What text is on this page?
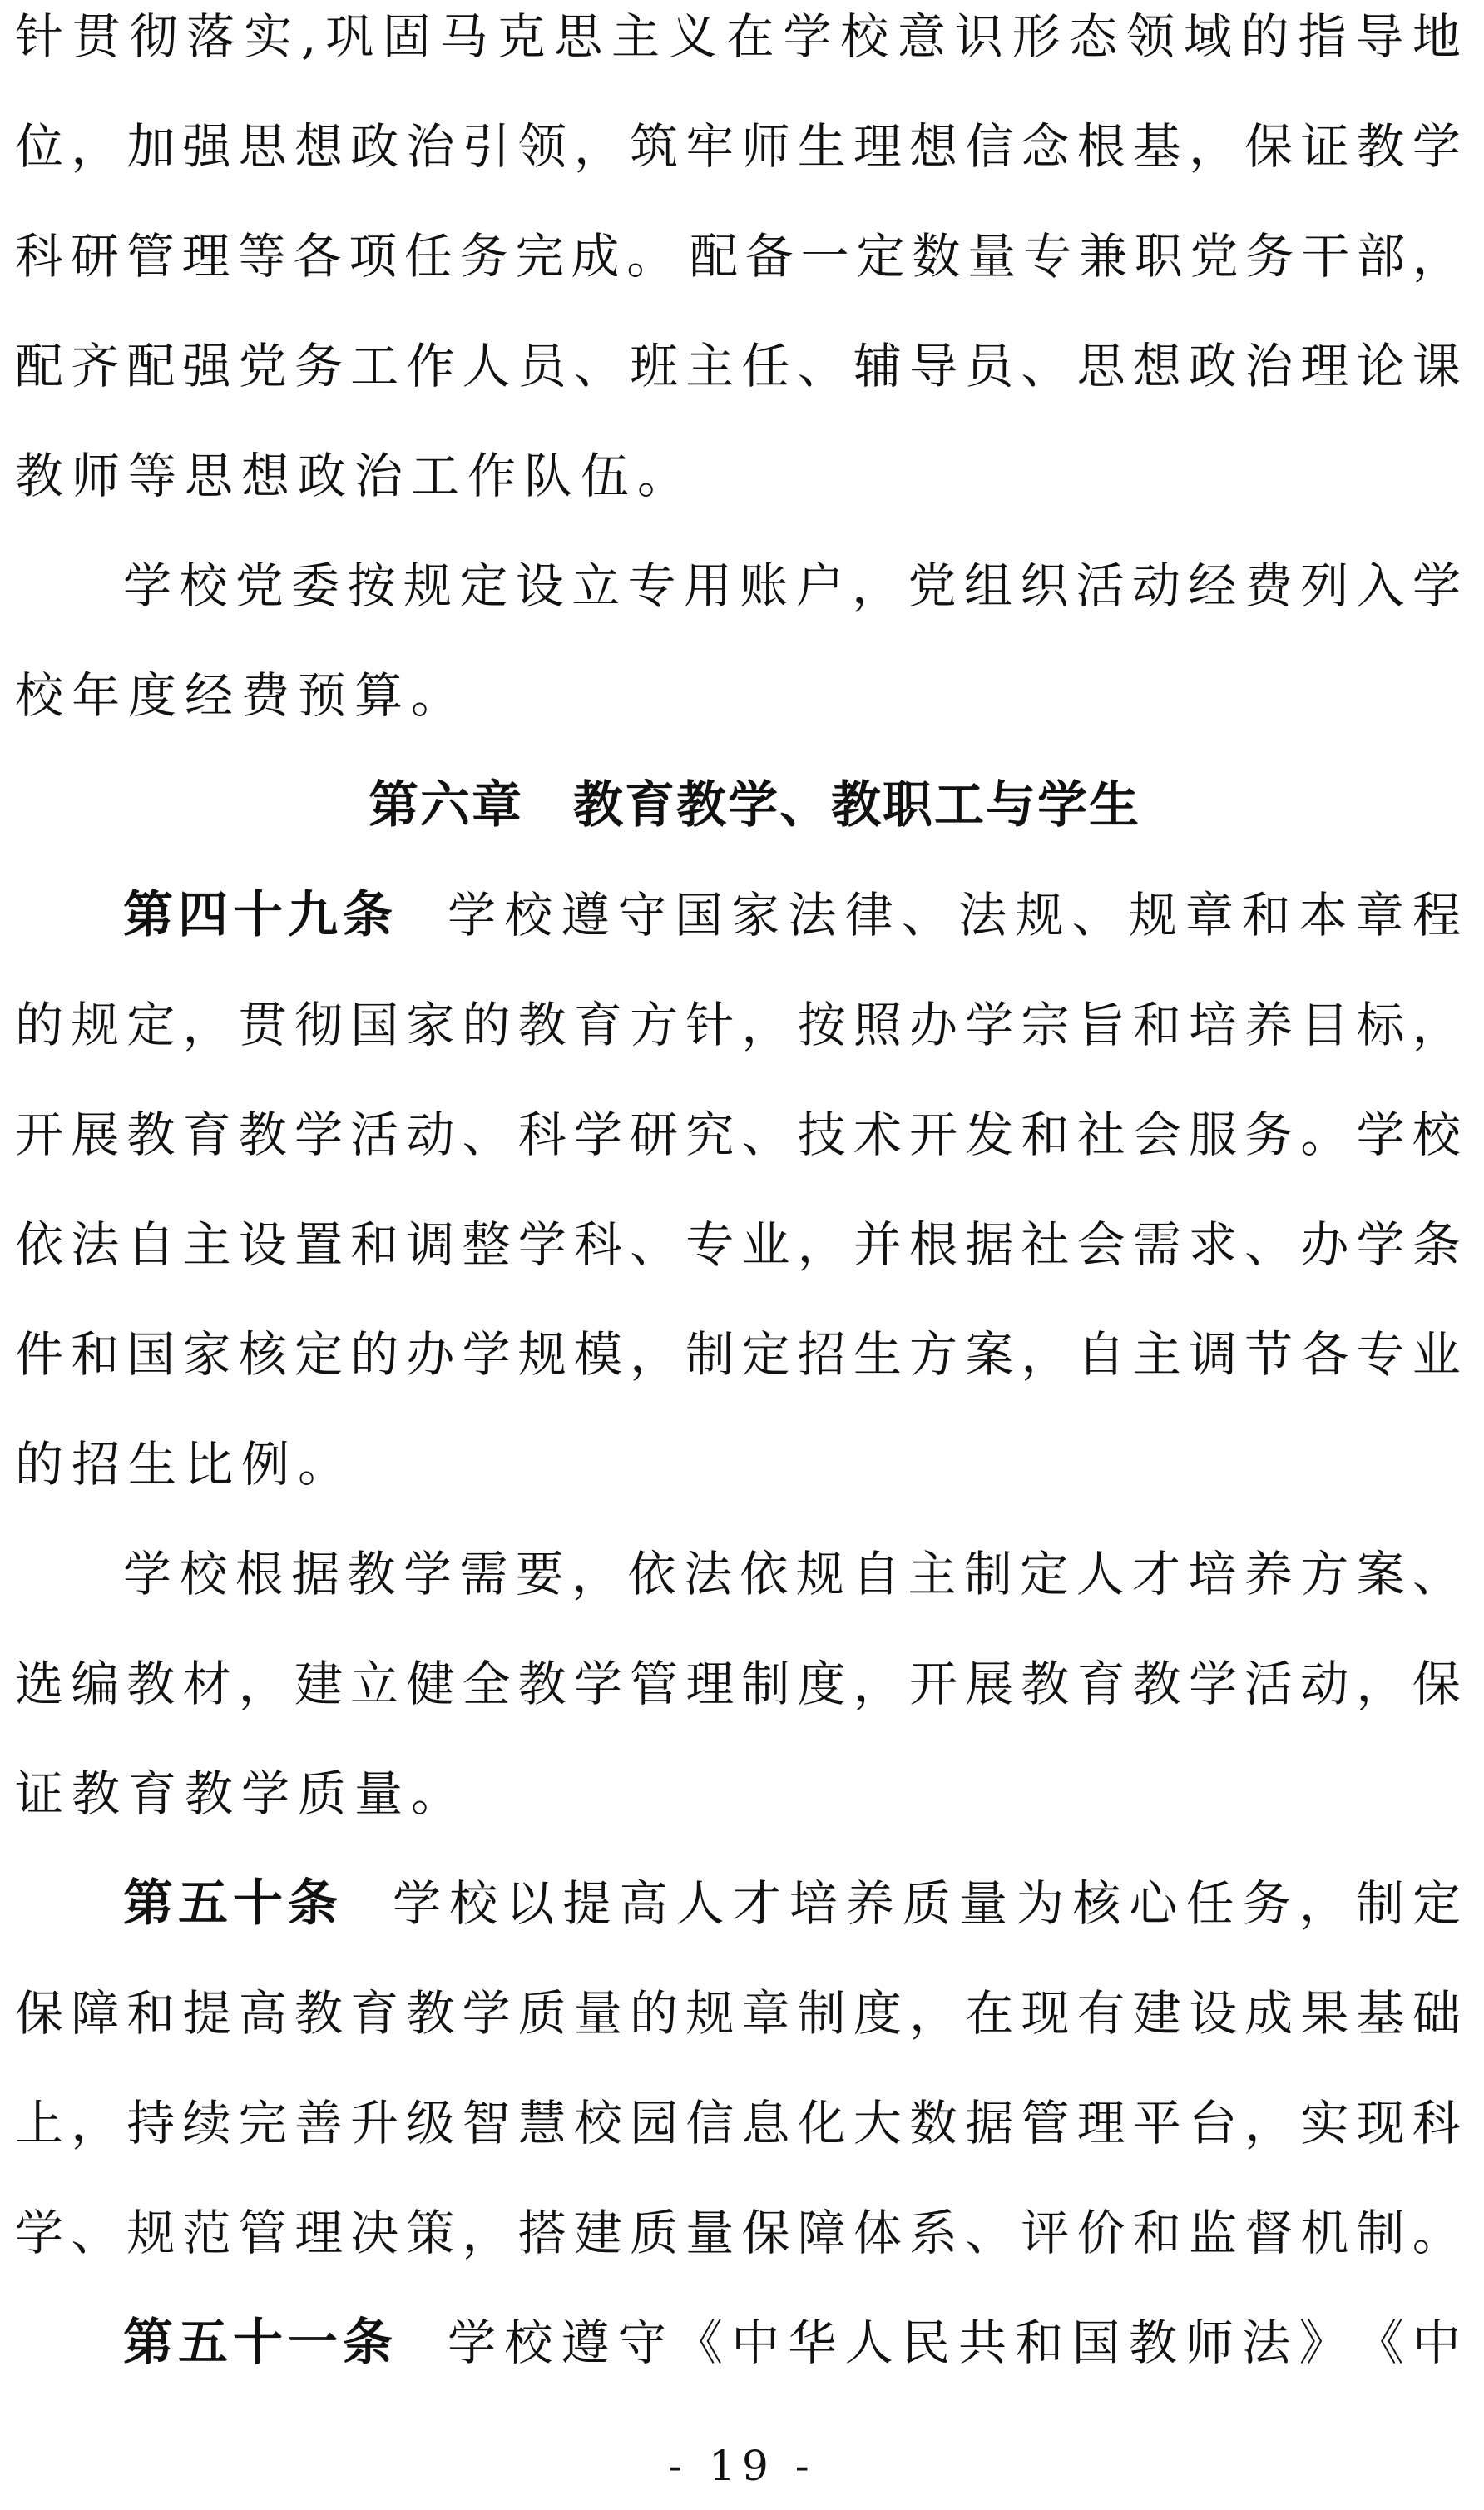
针 贯 彻 落 实 , 巩 固 马 克 思 主 义 在 学 校 意 识 形 态 领 域 的 指 导 地
位 ， 加 强 思 想 政 治 引 领 ， 筑 牢 师 生 理 想 信 念 根 基 ， 保 证 教 学
科 研 管 理 等 各 项 任 务 完 成 。 配 备 一 定 数 量 专 兼 职 党 务 干 部 ，
配 齐 配 强 党 务 工 作 人 员 、 班 主 任 、 辅 导 员 、 思 想 政 治 理 论 课
教师等思想政治工作队伍。
学 校 党 委 按 规 定 设 立 专 用 账 户 ， 党 组 织 活 动 经 费 列 入 学
校年度经费预算。
第六章 教育教学、教职工与学生
第四十九条 学 校 遵 守 国 家 法 律 、 法 规 、 规 章 和 本 章 程
的 规 定 ， 贯 彻 国 家 的 教 育 方 针 ， 按 照 办 学 宗 旨 和 培 养 目 标 ，
开 展 教 育 教 学 活 动 、 科 学 研 究 、 技 术 开 发 和 社 会 服 务 。 学 校
依 法 自 主 设 置 和 调 整 学 科 、 专 业 ， 并 根 据 社 会 需 求 、 办 学 条
件 和 国 家 核 定 的 办 学 规 模 ， 制 定 招 生 方 案 ， 自 主 调 节 各 专 业
的招生比例。
学 校 根 据 教 学 需 要 ， 依 法 依 规 自 主 制 定 人 才 培 养 方 案 、
选 编 教 材 ， 建 立 健 全 教 学 管 理 制 度 ， 开 展 教 育 教 学 活 动 ， 保
证教育教学质量。
第五十条 学 校 以 提 高 人 才 培 养 质 量 为 核 心 任 务 ， 制 定
保 障 和 提 高 教 育 教 学 质 量 的 规 章 制 度 ， 在 现 有 建 设 成 果 基 础
上 ， 持 续 完 善 升 级 智 慧 校 园 信 息 化 大 数 据 管 理 平 台 ， 实 现 科
学 、 规 范 管 理 决 策 ， 搭 建 质 量 保 障 体 系 、 评 价 和 监 督 机 制 。
第五十一条 学 校 遵 守 《 中 华 人 民 共 和 国 教 师 法 》 《 中
- 19 -
